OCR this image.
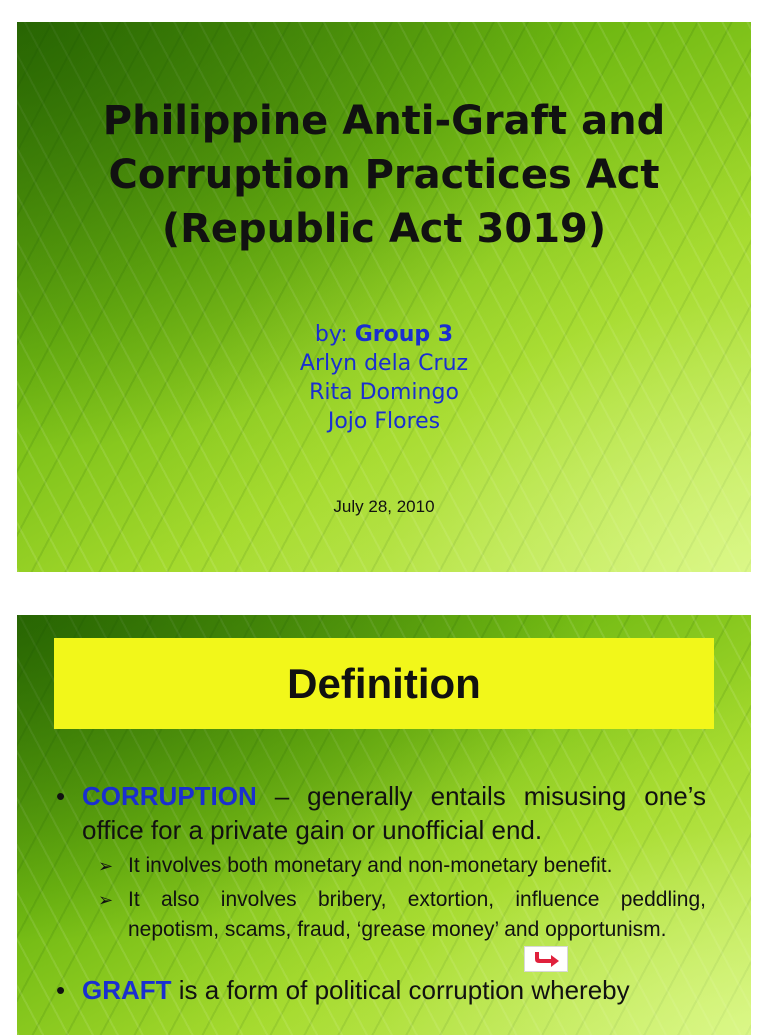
Philippine Anti-Graft and
Corruption Practices Act
(Republic Act 3019)
by: Group 3
Arlyn dela Cruz
Rita Domingo
Jojo Flores
July 28, 2010
Definition
• CORRUPTION – generally entails misusing one’s office for a private gain or unofficial end.
➢ It involves both monetary and non-monetary benefit.
➢ It also involves bribery, extortion, influence peddling, nepotism, scams, fraud, ‘grease money’ and opportunism.
• GRAFT is a form of political corruption whereby
